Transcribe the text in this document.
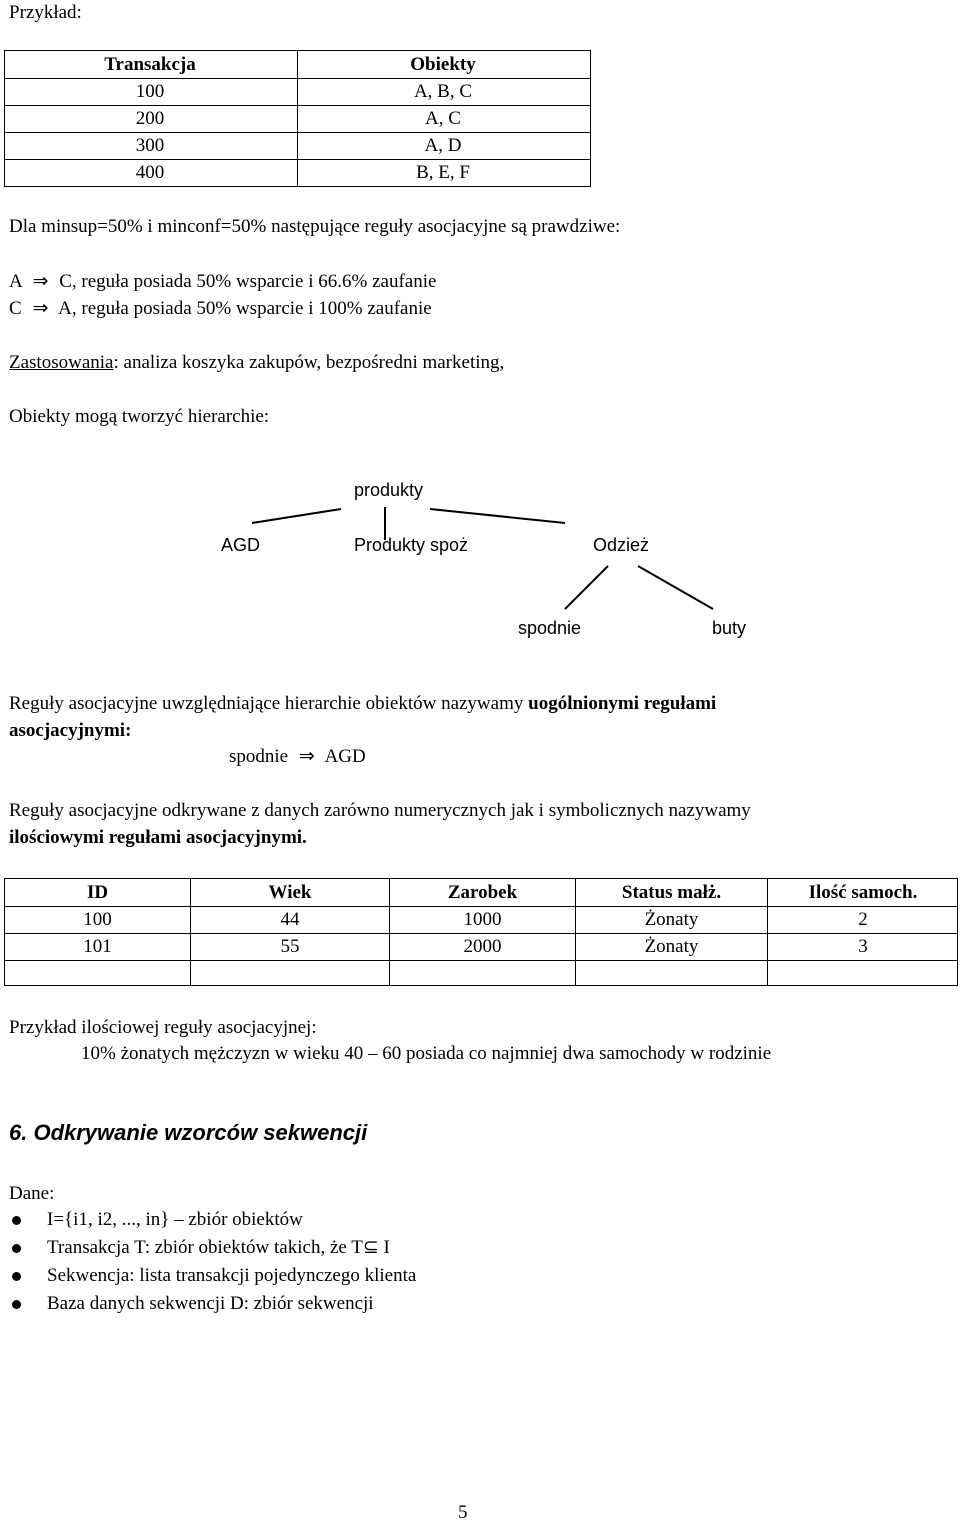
Przykład:
Transakcja	Obiekty
100	A, B, C
200	A, C
300	A, D
400	B, E, F
Dla minsup=50% i minconf=50% następujące reguły asocjacyjne są prawdziwe:
A ⇒ C, reguła posiada 50% wsparcie i 66.6% zaufanie
C ⇒ A, reguła posiada 50% wsparcie i 100% zaufanie
Zastosowania: analiza koszyka zakupów, bezpośredni marketing,
Obiekty mogą tworzyć hierarchie:
produkty
AGD	Produkty spoż	Odzież
spodnie	buty
Reguły asocjacyjne uwzględniające hierarchie obiektów nazywamy uogólnionymi regułami
asocjacyjnymi:
spodnie ⇒ AGD
Reguły asocjacyjne odkrywane z danych zarówno numerycznych jak i symbolicznych nazywamy
ilościowymi regułami asocjacyjnymi.
ID	Wiek	Zarobek	Status małż.	Ilość samoch.
100	44	1000	Żonaty	2
101	55	2000	Żonaty	3
Przykład ilościowej reguły asocjacyjnej:
10% żonatych mężczyzn w wieku 40 – 60 posiada co najmniej dwa samochody w rodzinie
6. Odkrywanie wzorców sekwencji
Dane:
I={i1, i2, ..., in} – zbiór obiektów
Transakcja T: zbiór obiektów takich, że T⊆ I
Sekwencja: lista transakcji pojedynczego klienta
Baza danych sekwencji D: zbiór sekwencji
5
